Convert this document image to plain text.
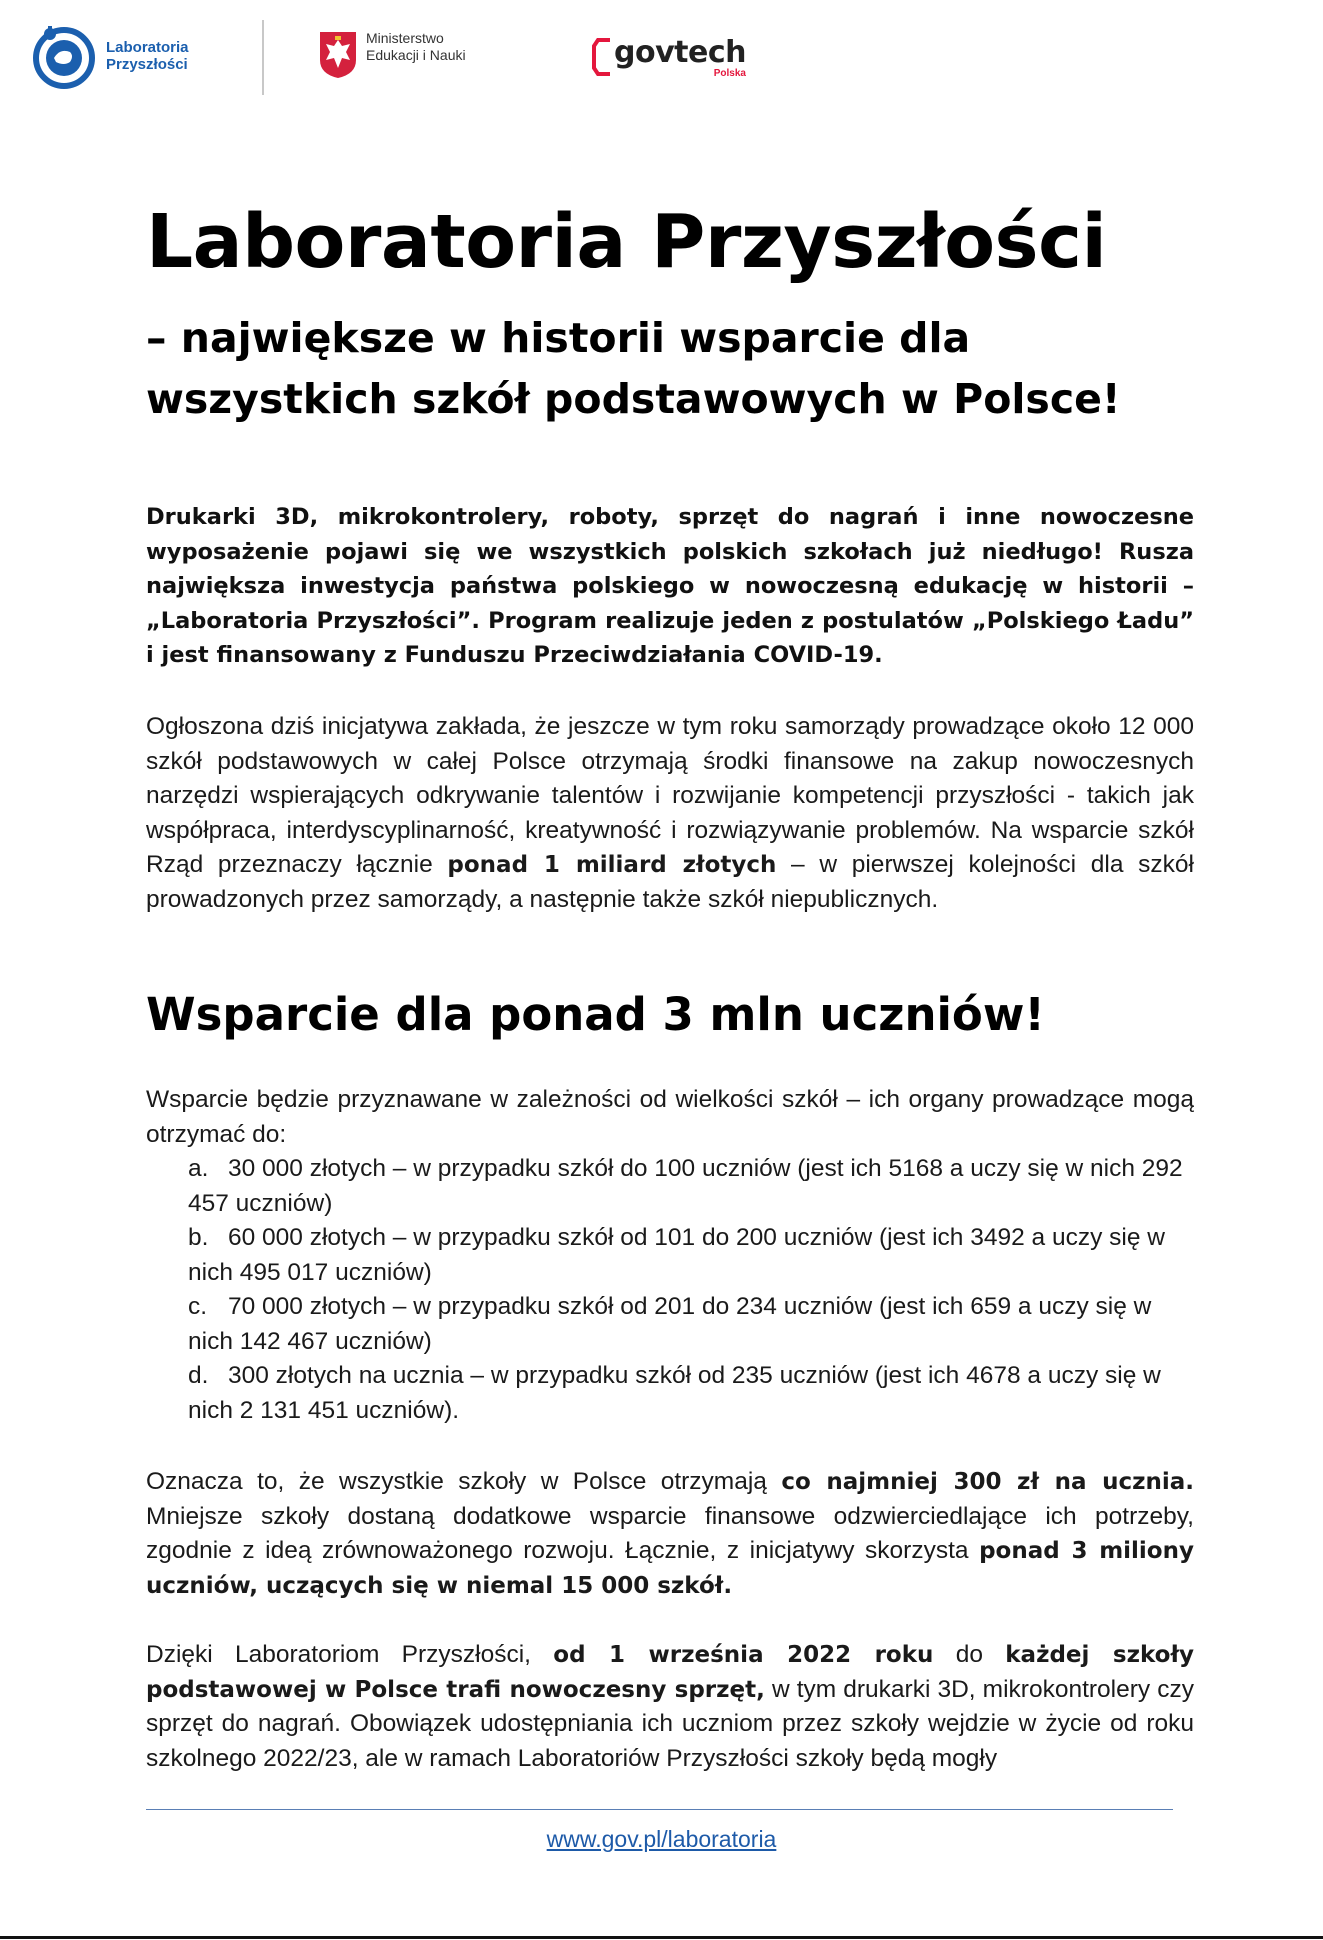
Laboratoria
Przyszłości
Ministerstwo
Edukacji i Nauki	govtech
Polska
Laboratoria Przyszłości
– największe w historii wsparcie dla
wszystkich szkół podstawowych w Polsce!

Drukarki 3D, mikrokontrolery, roboty, sprzęt do nagrań i inne nowoczesne wyposażenie pojawi się we wszystkich polskich szkołach już niedługo! Rusza największa inwestycja państwa polskiego w nowoczesną edukację w historii – „Laboratoria Przyszłości”. Program realizuje jeden z postulatów „Polskiego Ładu” i jest finansowany z Funduszu Przeciwdziałania COVID-19.

Ogłoszona dziś inicjatywa zakłada, że jeszcze w tym roku samorządy prowadzące około 12 000 szkół podstawowych w całej Polsce otrzymają środki finansowe na zakup nowoczesnych narzędzi wspierających odkrywanie talentów i rozwijanie kompetencji przyszłości - takich jak współpraca, interdyscyplinarność, kreatywność i rozwiązywanie problemów. Na wsparcie szkół Rząd przeznaczy łącznie ponad 1 miliard złotych – w pierwszej kolejności dla szkół prowadzonych przez samorządy, a następnie także szkół niepublicznych.

Wsparcie dla ponad 3 mln uczniów!

Wsparcie będzie przyznawane w zależności od wielkości szkół – ich organy prowadzące mogą otrzymać do:

a. 30 000 złotych – w przypadku szkół do 100 uczniów (jest ich 5168 a uczy się w nich 292 457 uczniów)
b. 60 000 złotych – w przypadku szkół od 101 do 200 uczniów (jest ich 3492 a uczy się w nich 495 017 uczniów)
c. 70 000 złotych – w przypadku szkół od 201 do 234 uczniów (jest ich 659 a uczy się w nich 142 467 uczniów)
d. 300 złotych na ucznia – w przypadku szkół od 235 uczniów (jest ich 4678 a uczy się w nich 2 131 451 uczniów).

Oznacza to, że wszystkie szkoły w Polsce otrzymają co najmniej 300 zł na ucznia. Mniejsze szkoły dostaną dodatkowe wsparcie finansowe odzwierciedlające ich potrzeby, zgodnie z ideą zrównoważonego rozwoju. Łącznie, z inicjatywy skorzysta ponad 3 miliony uczniów, uczących się w niemal 15 000 szkół.

Dzięki Laboratoriom Przyszłości, od 1 września 2022 roku do każdej szkoły podstawowej w Polsce trafi nowoczesny sprzęt, w tym drukarki 3D, mikrokontrolery czy sprzęt do nagrań. Obowiązek udostępniania ich uczniom przez szkoły wejdzie w życie od roku szkolnego 2022/23, ale w ramach Laboratoriów Przyszłości szkoły będą mogły

www.gov.pl/laboratoria
